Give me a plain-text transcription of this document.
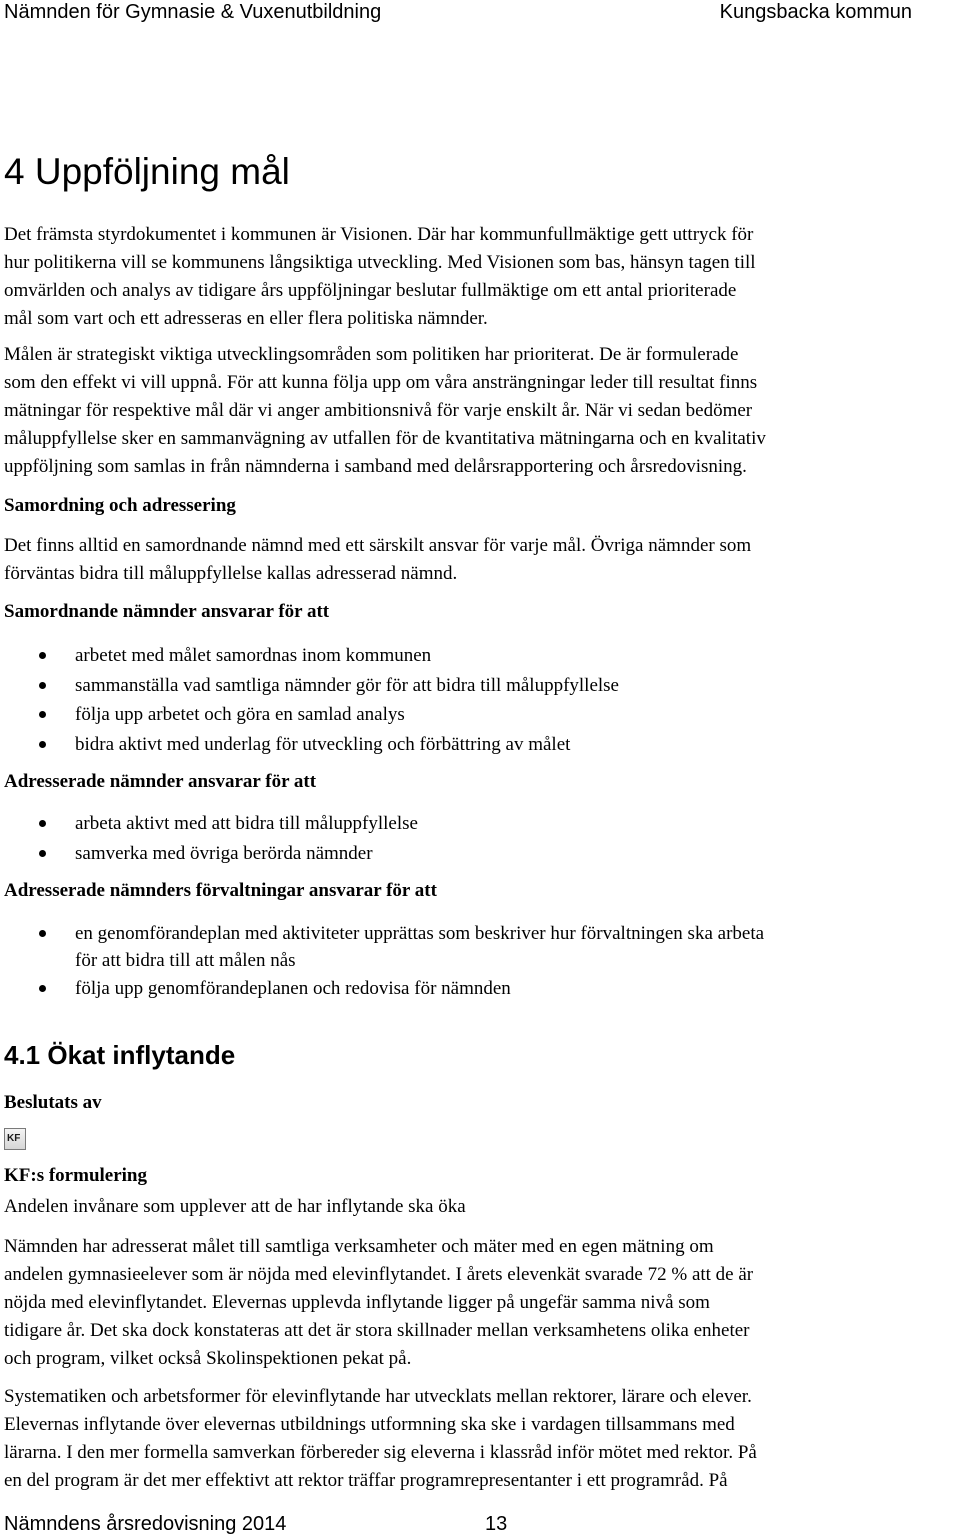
Nämnden för Gymnasie & Vuxenutbildning	Kungsbacka kommun
4 Uppföljning mål
Det främsta styrdokumentet i kommunen är Visionen. Där har kommunfullmäktige gett uttryck för
hur politikerna vill se kommunens långsiktiga utveckling. Med Visionen som bas, hänsyn tagen till
omvärlden och analys av tidigare års uppföljningar beslutar fullmäktige om ett antal prioriterade
mål som vart och ett adresseras en eller flera politiska nämnder.
Målen är strategiskt viktiga utvecklingsområden som politiken har prioriterat. De är formulerade
som den effekt vi vill uppnå. För att kunna följa upp om våra ansträngningar leder till resultat finns
mätningar för respektive mål där vi anger ambitionsnivå för varje enskilt år. När vi sedan bedömer
måluppfyllelse sker en sammanvägning av utfallen för de kvantitativa mätningarna och en kvalitativ
uppföljning som samlas in från nämnderna i samband med delårsrapportering och årsredovisning.
Samordning och adressering
Det finns alltid en samordnande nämnd med ett särskilt ansvar för varje mål. Övriga nämnder som
förväntas bidra till måluppfyllelse kallas adresserad nämnd.
Samordnande nämnder ansvarar för att
arbetet med målet samordnas inom kommunen
sammanställa vad samtliga nämnder gör för att bidra till måluppfyllelse
följa upp arbetet och göra en samlad analys
bidra aktivt med underlag för utveckling och förbättring av målet
Adresserade nämnder ansvarar för att
arbeta aktivt med att bidra till måluppfyllelse
samverka med övriga berörda nämnder
Adresserade nämnders förvaltningar ansvarar för att
en genomförandeplan med aktiviteter upprättas som beskriver hur förvaltningen ska arbeta
för att bidra till att målen nås
följa upp genomförandeplanen och redovisa för nämnden
4.1 Ökat inflytande
Beslutats av
KF
KF:s formulering
Andelen invånare som upplever att de har inflytande ska öka
Nämnden har adresserat målet till samtliga verksamheter och mäter med en egen mätning om
andelen gymnasieelever som är nöjda med elevinflytandet. I årets elevenkät svarade 72 % att de är
nöjda med elevinflytandet. Elevernas upplevda inflytande ligger på ungefär samma nivå som
tidigare år. Det ska dock konstateras att det är stora skillnader mellan verksamhetens olika enheter
och program, vilket också Skolinspektionen pekat på.
Systematiken och arbetsformer för elevinflytande har utvecklats mellan rektorer, lärare och elever.
Elevernas inflytande över elevernas utbildnings utformning ska ske i vardagen tillsammans med
lärarna. I den mer formella samverkan förbereder sig eleverna i klassråd inför mötet med rektor. På
en del program är det mer effektivt att rektor träffar programrepresentanter i ett programråd. På
Nämndens årsredovisning 2014	13
